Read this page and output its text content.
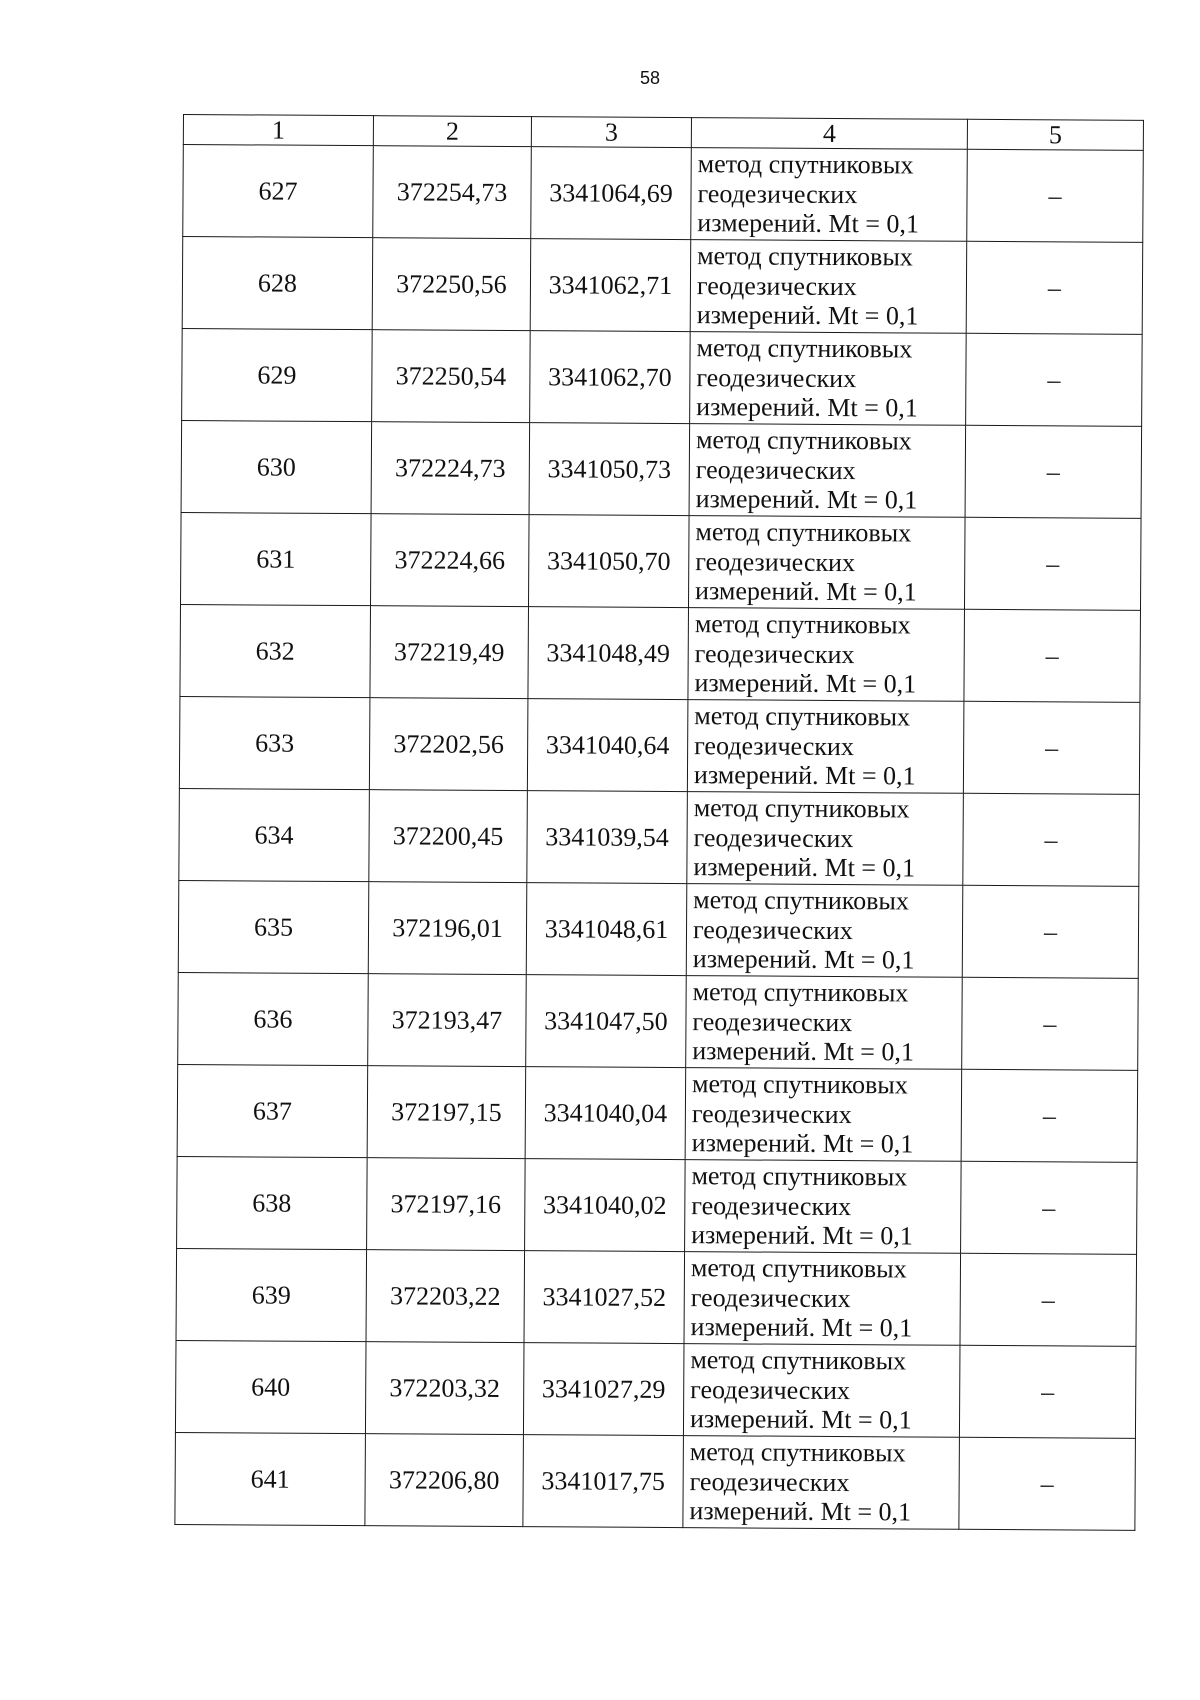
58
1	2	3	4	5
627	372254,73	3341064,69	метод спутниковых
геодезических
измерений. Mt = 0,1	–
628	372250,56	3341062,71	метод спутниковых
геодезических
измерений. Mt = 0,1	–
629	372250,54	3341062,70	метод спутниковых
геодезических
измерений. Mt = 0,1	–
630	372224,73	3341050,73	метод спутниковых
геодезических
измерений. Mt = 0,1	–
631	372224,66	3341050,70	метод спутниковых
геодезических
измерений. Mt = 0,1	–
632	372219,49	3341048,49	метод спутниковых
геодезических
измерений. Mt = 0,1	–
633	372202,56	3341040,64	метод спутниковых
геодезических
измерений. Mt = 0,1	–
634	372200,45	3341039,54	метод спутниковых
геодезических
измерений. Mt = 0,1	–
635	372196,01	3341048,61	метод спутниковых
геодезических
измерений. Mt = 0,1	–
636	372193,47	3341047,50	метод спутниковых
геодезических
измерений. Mt = 0,1	–
637	372197,15	3341040,04	метод спутниковых
геодезических
измерений. Mt = 0,1	–
638	372197,16	3341040,02	метод спутниковых
геодезических
измерений. Mt = 0,1	–
639	372203,22	3341027,52	метод спутниковых
геодезических
измерений. Mt = 0,1	–
640	372203,32	3341027,29	метод спутниковых
геодезических
измерений. Mt = 0,1	–
641	372206,80	3341017,75	метод спутниковых
геодезических
измерений. Mt = 0,1	–
